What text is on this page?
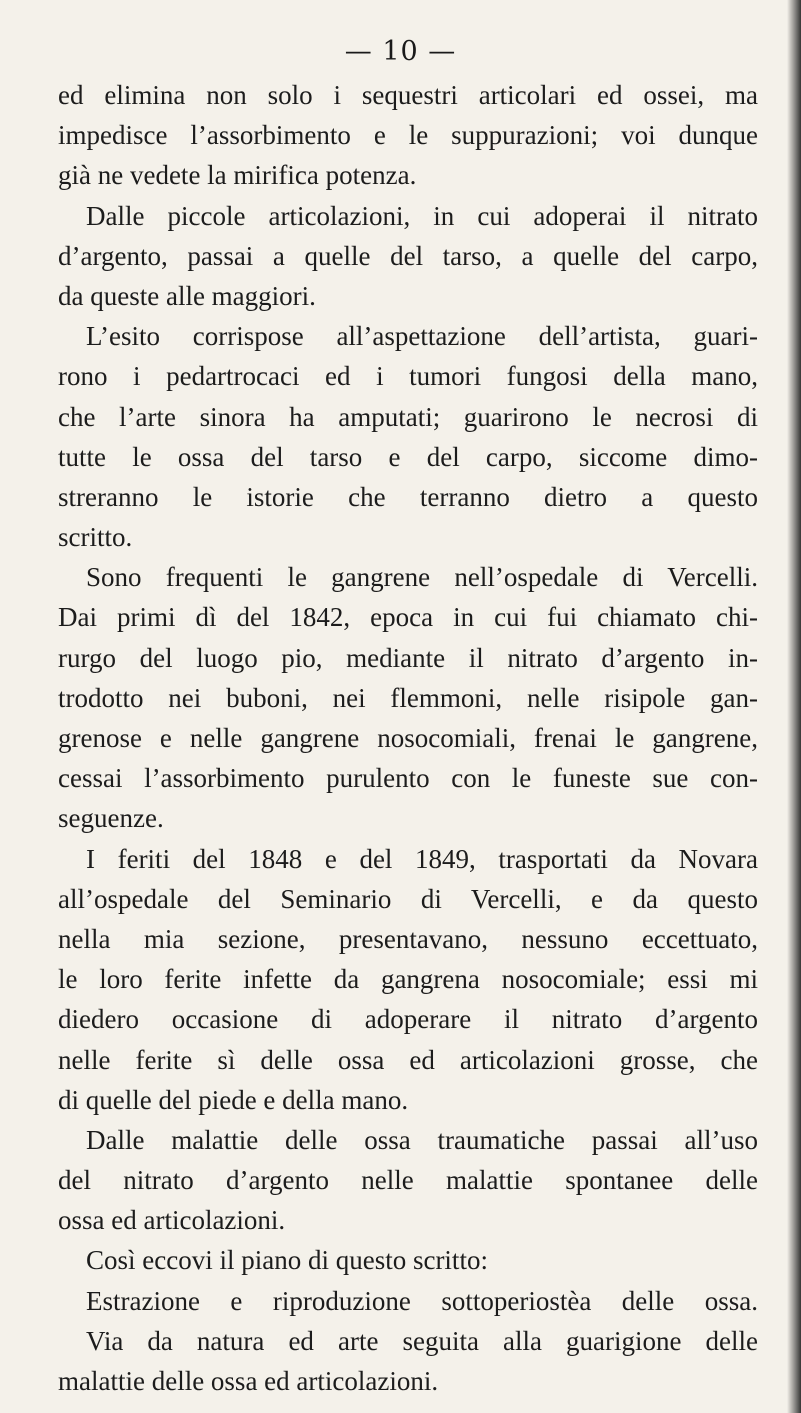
— 10 —
ed elimina non solo i sequestri articolari ed ossei, ma
impedisce l’assorbimento e le suppurazioni; voi dunque
già ne vedete la mirifica potenza.
Dalle piccole articolazioni, in cui adoperai il nitrato
d’argento, passai a quelle del tarso, a quelle del carpo,
da queste alle maggiori.
L’esito corrispose all’aspettazione dell’artista, guari-
rono i pedartrocaci ed i tumori fungosi della mano,
che l’arte sinora ha amputati; guarirono le necrosi di
tutte le ossa del tarso e del carpo, siccome dimo-
streranno le istorie che terranno dietro a questo
scritto.
Sono frequenti le gangrene nell’ospedale di Vercelli.
Dai primi dì del 1842, epoca in cui fui chiamato chi-
rurgo del luogo pio, mediante il nitrato d’argento in-
trodotto nei buboni, nei flemmoni, nelle risipole gan-
grenose e nelle gangrene nosocomiali, frenai le gangrene,
cessai l’assorbimento purulento con le funeste sue con-
seguenze.
I feriti del 1848 e del 1849, trasportati da Novara
all’ospedale del Seminario di Vercelli, e da questo
nella mia sezione, presentavano, nessuno eccettuato,
le loro ferite infette da gangrena nosocomiale; essi mi
diedero occasione di adoperare il nitrato d’argento
nelle ferite sì delle ossa ed articolazioni grosse, che
di quelle del piede e della mano.
Dalle malattie delle ossa traumatiche passai all’uso
del nitrato d’argento nelle malattie spontanee delle
ossa ed articolazioni.
Così eccovi il piano di questo scritto:
Estrazione e riproduzione sottoperiostèa delle ossa.
Via da natura ed arte seguita alla guarigione delle
malattie delle ossa ed articolazioni.
